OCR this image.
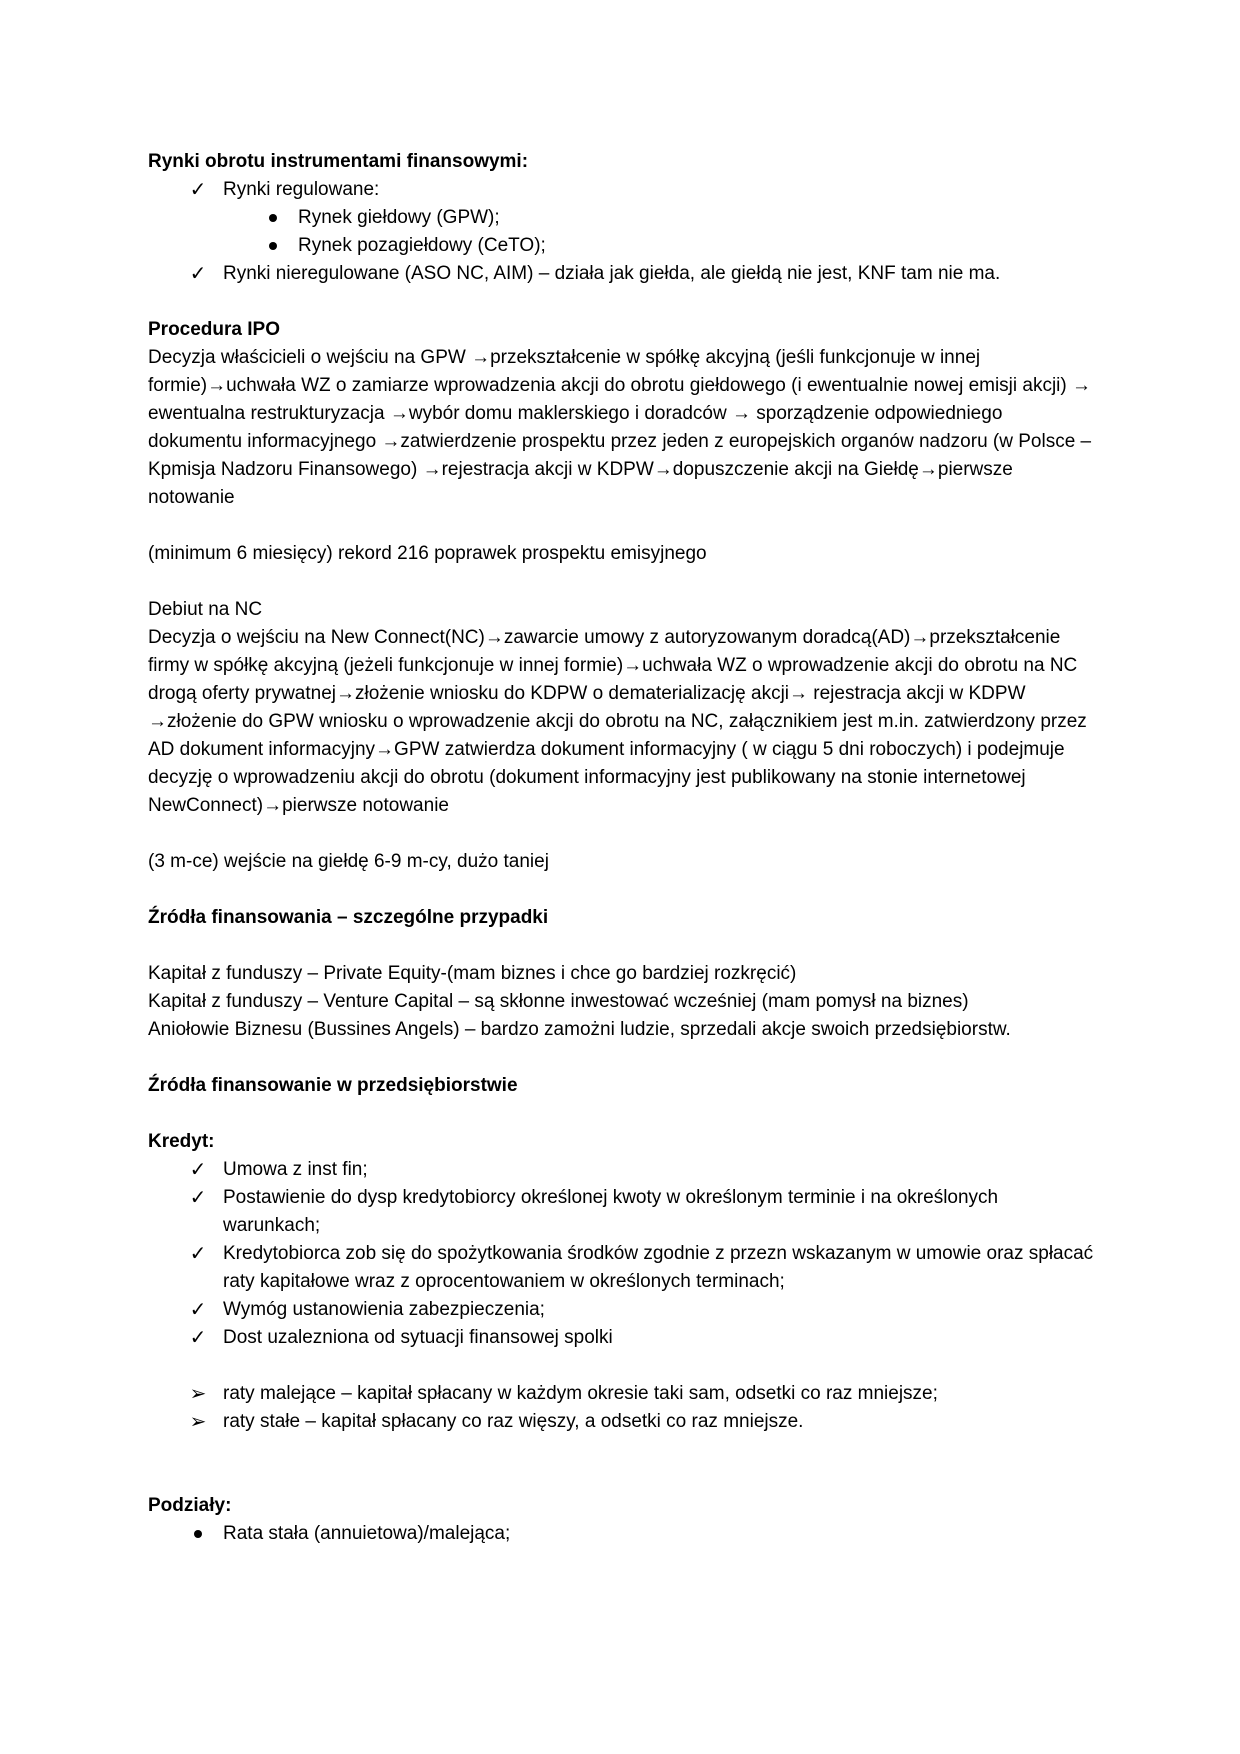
Rynki obrotu instrumentami finansowymi:

✓ Rynki regulowane:
Rynek giełdowy (GPW);
Rynek pozagiełdowy (CeTO);
✓ Rynki nieregulowane (ASO NC, AIM) – działa jak giełda, ale giełdą nie jest, KNF tam nie ma.

Procedura IPO

Decyzja właścicieli o wejściu na GPW →przekształcenie w spółkę akcyjną (jeśli funkcjonuje w innej formie)→uchwała WZ o zamiarze wprowadzenia akcji do obrotu giełdowego (i ewentualnie nowej emisji akcji) → ewentualna restrukturyzacja →wybór domu maklerskiego i doradców → sporządzenie odpowiedniego dokumentu informacyjnego →zatwierdzenie prospektu przez jeden z europejskich organów nadzoru (w Polsce – Kpmisja Nadzoru Finansowego) →rejestracja akcji w KDPW→dopuszczenie akcji na Giełdę→pierwsze notowanie

(minimum 6 miesięcy) rekord 216 poprawek prospektu emisyjnego

Debiut na NC

Decyzja o wejściu na New Connect(NC)→zawarcie umowy z autoryzowanym doradcą(AD)→przekształcenie firmy w spółkę akcyjną (jeżeli funkcjonuje w innej formie)→uchwała WZ o wprowadzenie akcji do obrotu na NC drogą oferty prywatnej→złożenie wniosku do KDPW o dematerializację akcji→ rejestracja akcji w KDPW →złożenie do GPW wniosku o wprowadzenie akcji do obrotu na NC, załącznikiem jest m.in. zatwierdzony przez AD dokument informacyjny→GPW zatwierdza dokument informacyjny ( w ciągu 5 dni roboczych) i podejmuje decyzję o wprowadzeniu akcji do obrotu (dokument informacyjny jest publikowany na stonie internetowej NewConnect)→pierwsze notowanie

(3 m-ce) wejście na giełdę 6-9 m-cy, dużo taniej

Źródła finansowania – szczególne przypadki

Kapitał z funduszy – Private Equity-(mam biznes i chce go bardziej rozkręcić)

Kapitał z funduszy – Venture Capital – są skłonne inwestować wcześniej (mam pomysł na biznes)

Aniołowie Biznesu (Bussines Angels) – bardzo zamożni ludzie, sprzedali akcje swoich przedsiębiorstw.

Źródła finansowanie w przedsiębiorstwie

Kredyt:

✓ Umowa z inst fin;
✓ Postawienie do dysp kredytobiorcy określonej kwoty w określonym terminie i na określonych warunkach;
✓ Kredytobiorca zob się do spożytkowania środków zgodnie z przezn wskazanym w umowie oraz spłacać raty kapitałowe wraz z oprocentowaniem w określonych terminach;
✓ Wymóg ustanowienia zabezpieczenia;
✓ Dost uzalezniona od sytuacji finansowej spolki
➢ raty malejące – kapitał spłacany w każdym okresie taki sam, odsetki co raz mniejsze;
➢ raty stałe – kapitał spłacany co raz więszy, a odsetki co raz mniejsze.

Podziały:

Rata stała (annuietowa)/malejąca;
